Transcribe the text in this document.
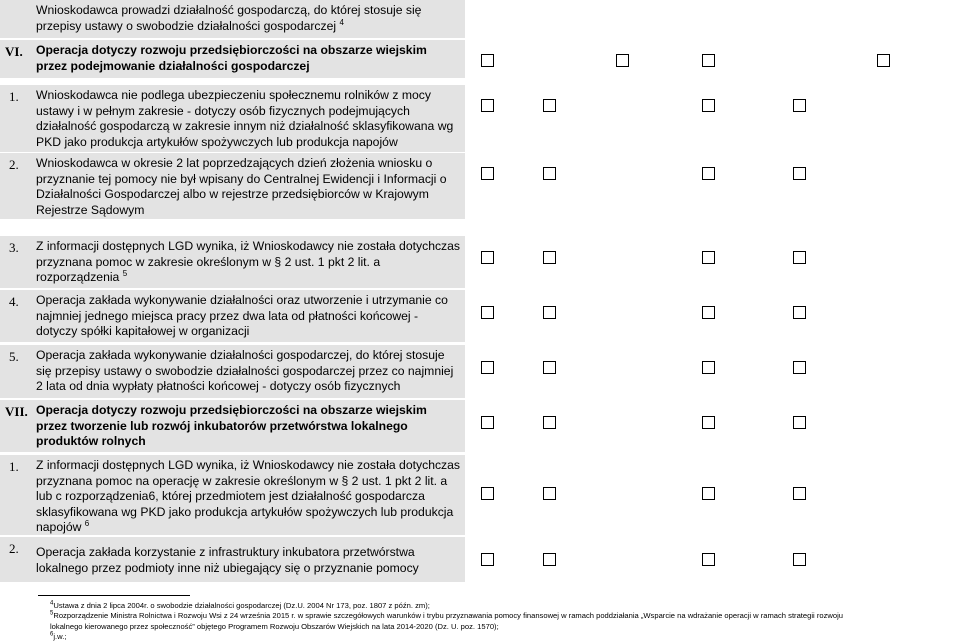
Wnioskodawca prowadzi działalność gospodarczą, do której stosuje się przepisy ustawy o swobodzie działalności gospodarczej $^4$
VI.	Operacja dotyczy rozwoju przedsiębiorczości na obszarze wiejskim przez podejmowanie działalności gospodarczej
1.	Wnioskodawca nie podlega ubezpieczeniu społecznemu rolników z mocy ustawy i w pełnym zakresie - dotyczy osób fizycznych podejmujących działalność gospodarczą w zakresie innym niż działalność sklasyfikowana wg PKD jako produkcja artykułów spożywczych lub produkcja napojów
2.	Wnioskodawca w okresie 2 lat poprzedzających dzień złożenia wniosku o przyznanie tej pomocy nie był wpisany do Centralnej Ewidencji i Informacji o Działalności Gospodarczej albo w rejestrze przedsiębiorców w Krajowym Rejestrze Sądowym
3.	Z informacji dostępnych LGD wynika, iż Wnioskodawcy nie została dotychczas przyznana pomoc w zakresie określonym w § 2 ust. 1 pkt 2 lit. a rozporządzenia $^5$
4.	Operacja zakłada wykonywanie działalności oraz utworzenie i utrzymanie co najmniej jednego miejsca pracy przez dwa lata od płatności końcowej - dotyczy spółki kapitałowej w organizacji
5.	Operacja zakłada wykonywanie działalności gospodarczej, do której stosuje się przepisy ustawy o swobodzie działalności gospodarczej przez co najmniej 2 lata od dnia wypłaty płatności końcowej - dotyczy osób fizycznych
VII. Operacja dotyczy rozwoju przedsiębiorczości na obszarze wiejskim przez tworzenie lub rozwój inkubatorów przetwórstwa lokalnego produktów rolnych
1.	Z informacji dostępnych LGD wynika, iż Wnioskodawcy nie została dotychczas przyznana pomoc na operację w zakresie określonym w § 2 ust. 1 pkt 2 lit. a lub c rozporządzenia6, której przedmiotem jest działalność gospodarcza sklasyfikowana wg PKD jako produkcja artykułów spożywczych lub produkcja napojów $^6$
2.	Operacja zakłada korzystanie z infrastruktury inkubatora przetwórstwa lokalnego przez podmioty inne niż ubiegający się o przyznanie pomocy
$^4$Ustawa z dnia 2 lipca 2004r. o swobodzie działalności gospodarczej (Dz.U. 2004 Nr 173, poz. 1807 z późn. zm);
$^5$Rozporządzenie Ministra Rolnictwa i Rozwoju Wsi z 24 września 2015 r. w sprawie szczegółowych warunków i trybu przyznawania pomocy finansowej w ramach poddziałania „Wsparcie na wdrażanie operacji w ramach strategii rozwoju
lokalnego kierowanego przez społeczność” objętego Programem Rozwoju Obszarów Wiejskich na lata 2014-2020 (Dz. U. poz. 1570);
$^6$j.w.;
